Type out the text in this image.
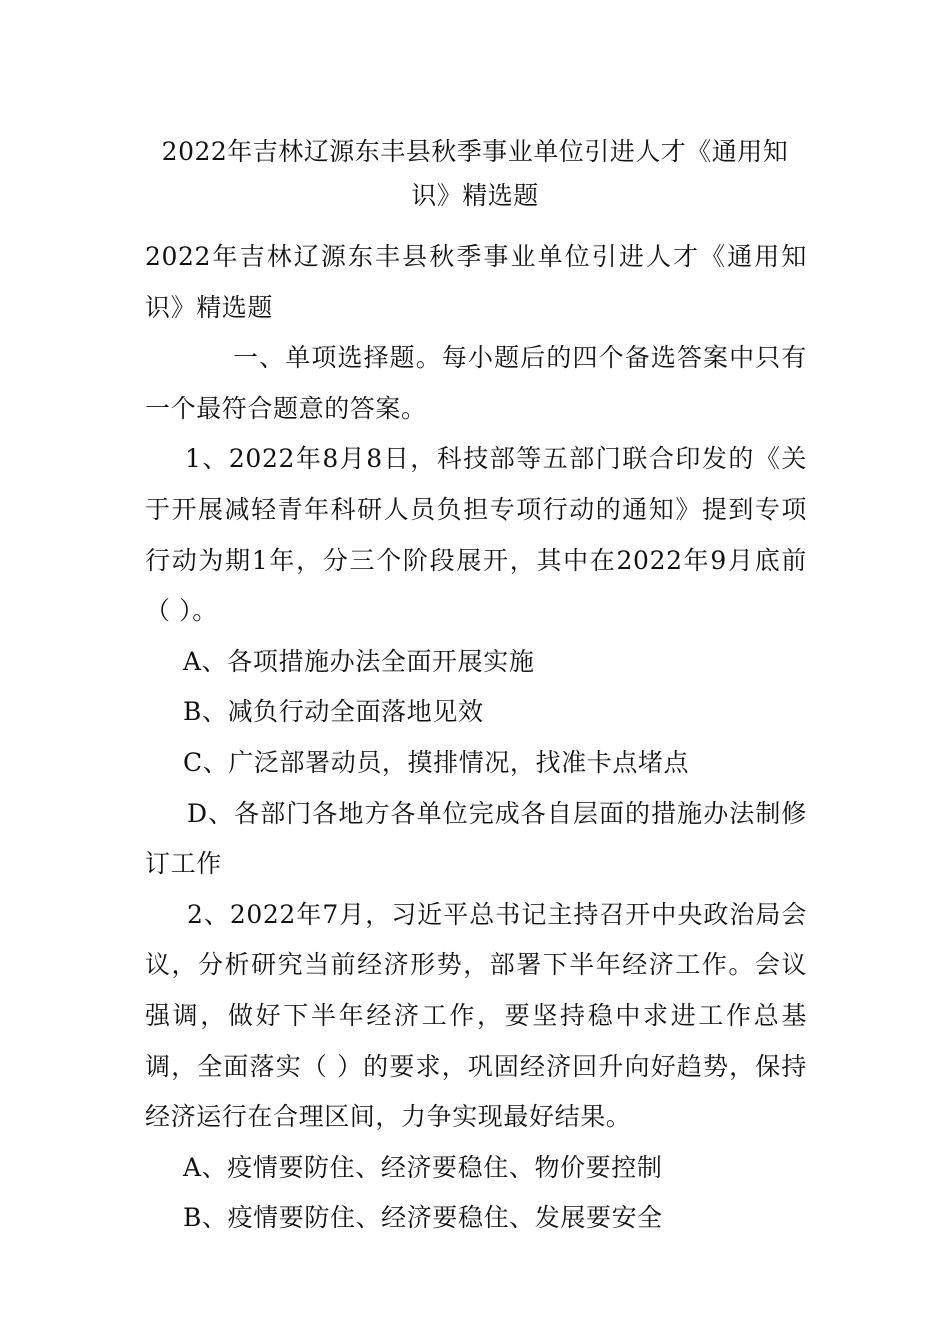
2022年吉林辽源东丰县秋季事业单位引进人才《通用知识》精选题

2022年吉林辽源东丰县秋季事业单位引进人才《通用知识》精选题

一、单项选择题。每小题后的四个备选答案中只有一个最符合题意的答案。

1、2022年8月8日，科技部等五部门联合印发的《关于开展减轻青年科研人员负担专项行动的通知》提到专项行动为期1年，分三个阶段展开，其中在2022年9月底前（ ）。

A、各项措施办法全面开展实施

B、减负行动全面落地见效

C、广泛部署动员，摸排情况，找准卡点堵点

D、各部门各地方各单位完成各自层面的措施办法制修订工作

2、2022年7月，习近平总书记主持召开中央政治局会议，分析研究当前经济形势，部署下半年经济工作。会议强调，做好下半年经济工作，要坚持稳中求进工作总基调，全面落实（ ）的要求，巩固经济回升向好趋势，保持经济运行在合理区间，力争实现最好结果。

A、疫情要防住、经济要稳住、物价要控制

B、疫情要防住、经济要稳住、发展要安全
